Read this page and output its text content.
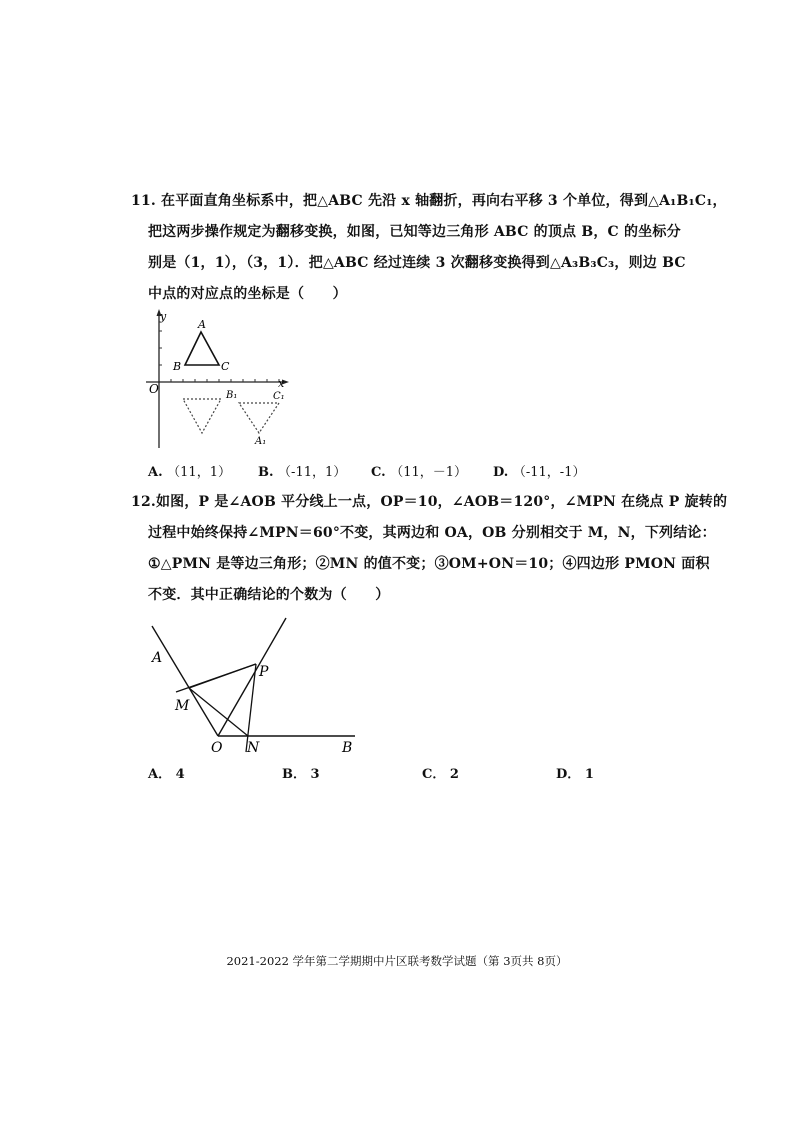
11. 在平面直角坐标系中，把△ABC 先沿 x 轴翻折，再向右平移 3 个单位，得到△A₁B₁C₁，
把这两步操作规定为翻移变换，如图，已知等边三角形 ABC 的顶点 B，C 的坐标分
别是（1，1），（3，1）．把△ABC 经过连续 3 次翻移变换得到△A₃B₃C₃，则边 BC
中点的对应点的坐标是（　　）
y
x
O
A
B	C
B₁	C₁
A₁
A. （11，1） B. （-11，1） C. （11，－1） D. （-11，-1）
12.如图，P 是∠AOB 平分线上一点，OP＝10，∠AOB＝120°，∠MPN 在绕点 P 旋转的
过程中始终保持∠MPN＝60°不变，其两边和 OA，OB 分别相交于 M，N，下列结论：
①△PMN 是等边三角形；②MN 的值不变；③OM+ON＝10；④四边形 PMON 面积
不变．其中正确结论的个数为（　　）
A
M
P
O N	B
A． 4	B． 3	C． 2	D． 1
2021-2022 学年第二学期期中片区联考数学试题（第 3页共 8页）
